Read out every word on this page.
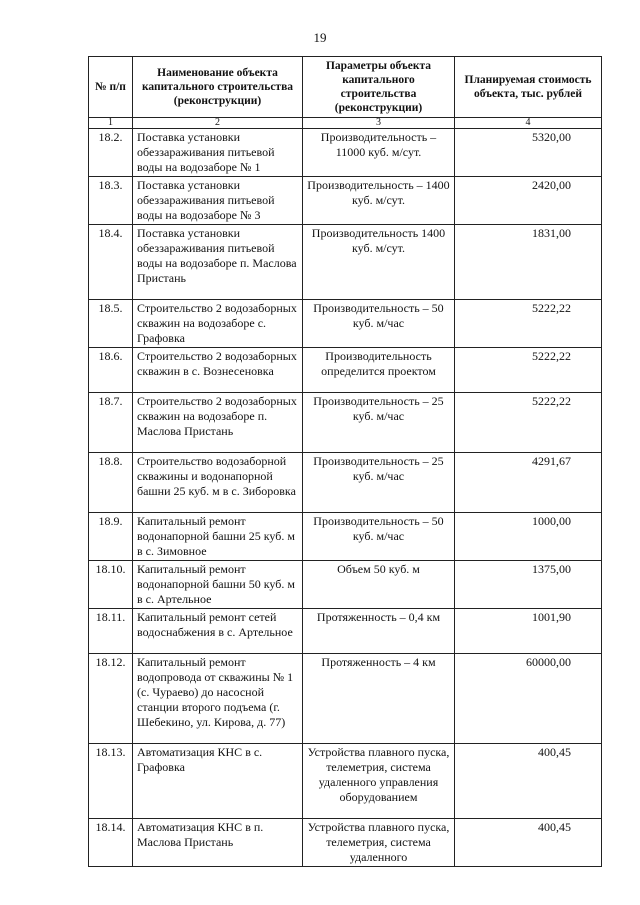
19
№ п/п	Наименование объекта капитального строительства (реконструкции)	Параметры объекта капитального строительства (реконструкции)	Планируемая стоимость объекта, тыс. рублей
1	2	3	4
18.2.	Поставка установки обеззараживания питьевой воды на водозаборе № 1	Производительность – 11000 куб. м/сут.	5320,00
18.3.	Поставка установки обеззараживания питьевой воды на водозаборе № 3	Производительность – 1400 куб. м/сут.	2420,00
18.4.	Поставка установки обеззараживания питьевой воды на водозаборе п. Маслова Пристань	Производительность 1400 куб. м/сут.	1831,00
18.5.	Строительство 2 водозаборных скважин на водозаборе с. Графовка	Производительность – 50 куб. м/час	5222,22
18.6.	Строительство 2 водозаборных скважин в с. Вознесеновка	Производительность определится проектом	5222,22
18.7.	Строительство 2 водозаборных скважин на водозаборе п. Маслова Пристань	Производительность – 25 куб. м/час	5222,22
18.8.	Строительство водозаборной скважины и водонапорной башни 25 куб. м в с. Зиборовка	Производительность – 25 куб. м/час	4291,67
18.9.	Капитальный ремонт водонапорной башни 25 куб. м в с. Зимовное	Производительность – 50 куб. м/час	1000,00
18.10.	Капитальный ремонт водонапорной башни 50 куб. м в с. Артельное	Объем 50 куб. м	1375,00
18.11.	Капитальный ремонт сетей водоснабжения в с. Артельное	Протяженность – 0,4 км	1001,90
18.12.	Капитальный ремонт водопровода от скважины № 1 (с. Чураево) до насосной станции второго подъема (г. Шебекино, ул. Кирова, д. 77)	Протяженность – 4 км	60000,00
18.13.	Автоматизация КНС в с. Графовка	Устройства плавного пуска, телеметрия, система удаленного управления оборудованием	400,45
18.14.	Автоматизация КНС в п. Маслова Пристань	Устройства плавного пуска, телеметрия, система удаленного	400,45
